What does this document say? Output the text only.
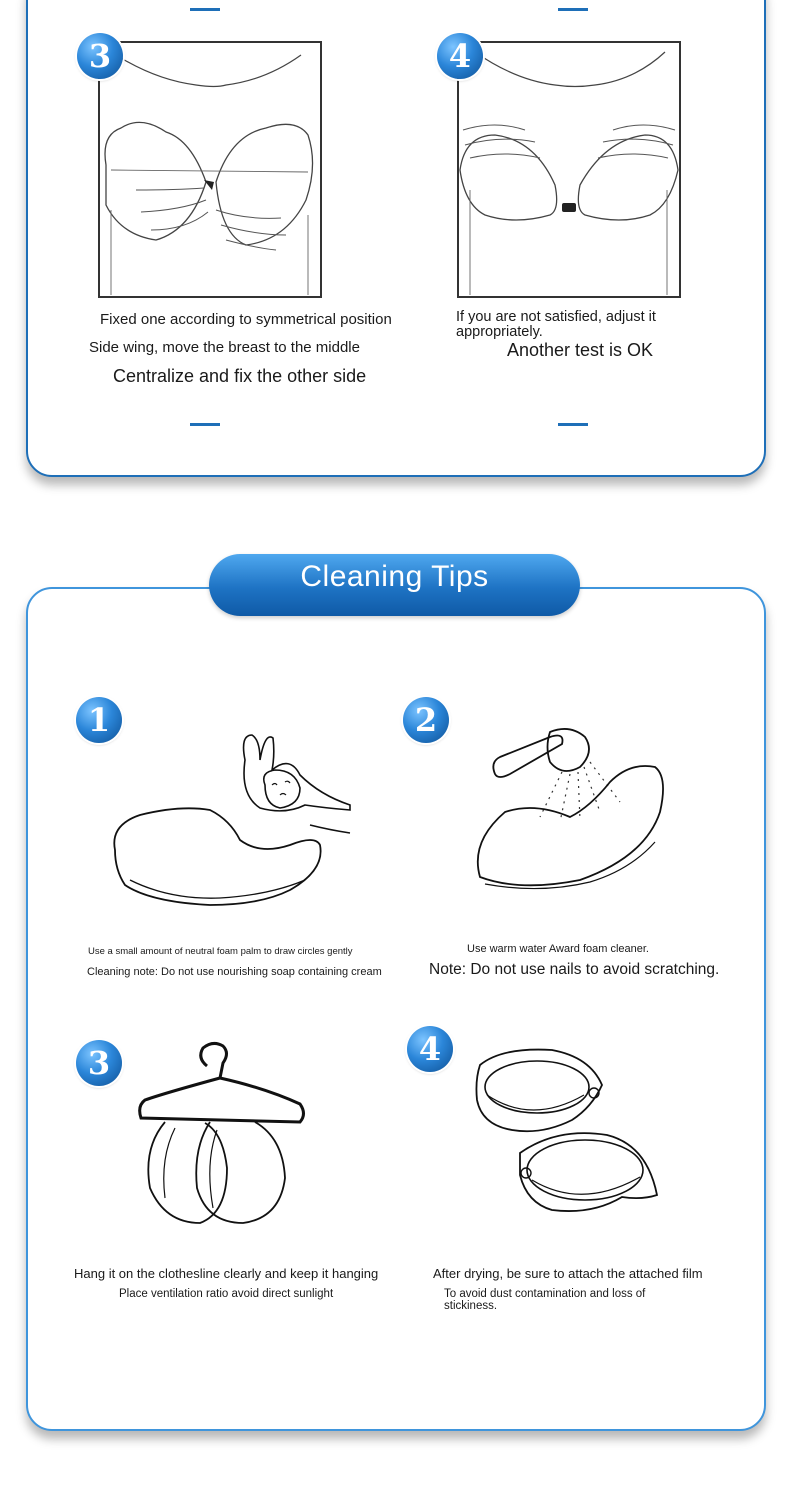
3	4
Fixed one according to symmetrical position
Side wing, move the breast to the middle
Centralize and fix the other side
If you are not satisfied, adjust it appropriately.
Another test is OK
Cleaning Tips
1
Use a small amount of neutral foam palm to draw circles gently
Cleaning note: Do not use nourishing soap containing cream
2
Use warm water Award foam cleaner.
Note: Do not use nails to avoid scratching.
3
Hang it on the clothesline clearly and keep it hanging
Place ventilation ratio avoid direct sunlight
4
After drying, be sure to attach the attached film
To avoid dust contamination and loss of stickiness.
